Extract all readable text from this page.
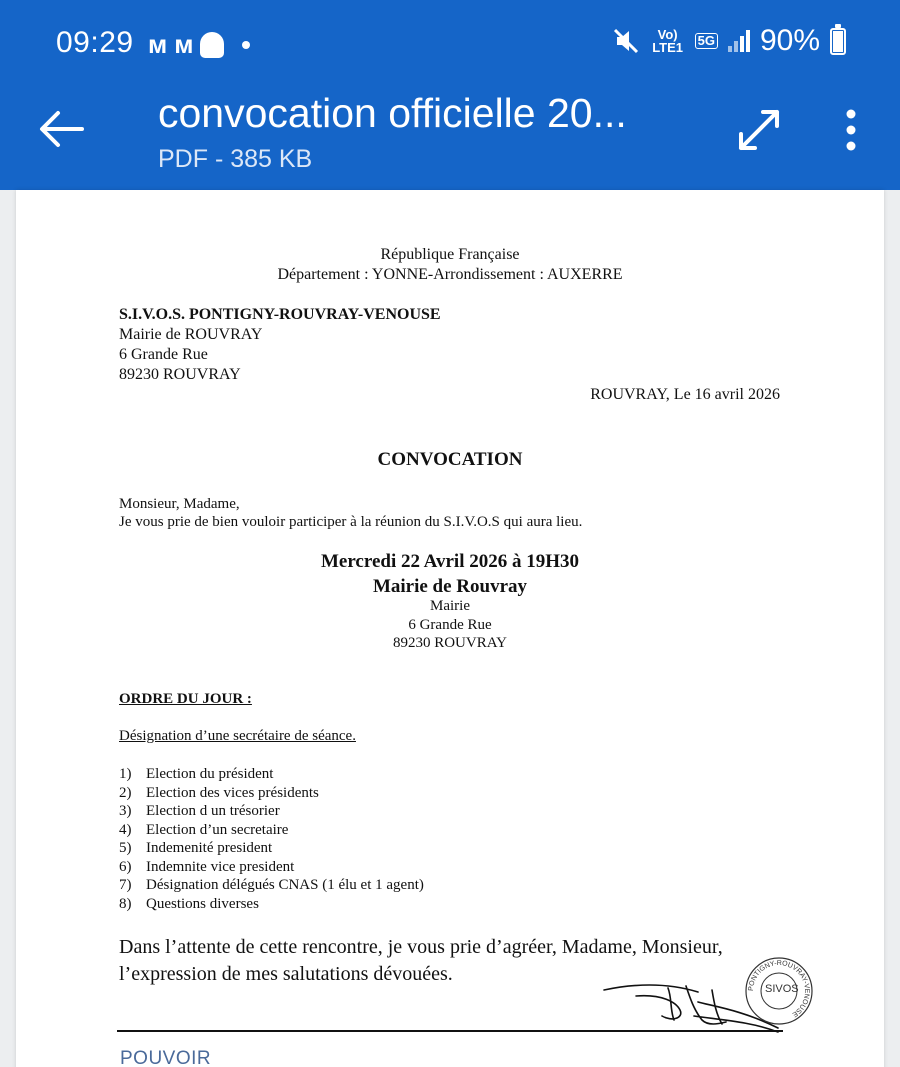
09:29 ᴍ ᴍ	Vo) LTE1 5G 90%
convocation officielle 20...
PDF - 385 KB
République Française
Département : YONNE-Arrondissement : AUXERRE
S.I.V.O.S. PONTIGNY-ROUVRAY-VENOUSE
Mairie de ROUVRAY
6 Grande Rue
89230 ROUVRAY
ROUVRAY, Le 16 avril 2026
CONVOCATION
Monsieur, Madame,
Je vous prie de bien vouloir participer à la réunion du S.I.V.O.S qui aura lieu.
Mercredi 22 Avril 2026 à 19H30
Mairie de Rouvray
Mairie
6 Grande Rue
89230 ROUVRAY
ORDRE DU JOUR :
Désignation d’une secrétaire de séance.
1) Election du président
2) Election des vices présidents
3) Election d un trésorier
4) Election d’un secretaire
5) Indemenité president
6) Indemnite vice president
7) Désignation délégués CNAS (1 élu et 1 agent)
8) Questions diverses
Dans l’attente de cette rencontre, je vous prie d’agréer, Madame, Monsieur,
l’expression de mes salutations dévouées.
PONTIGNY-ROUVRAY-VENOUSE
SIVOS
POUVOIR
